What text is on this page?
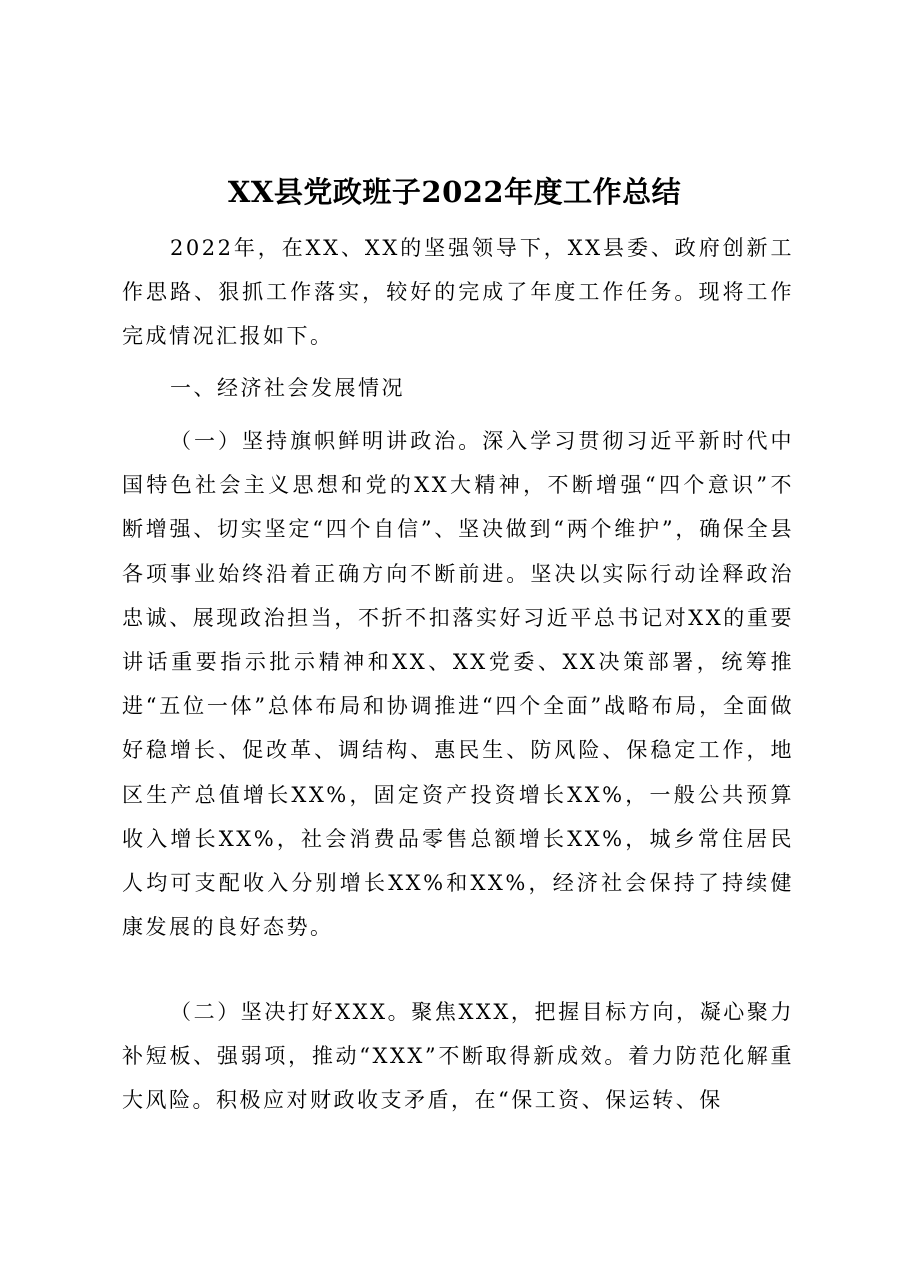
XX县党政班子2022年度工作总结

2022年，在XX、XX的坚强领导下，XX县委、政府创新工作思路、狠抓工作落实，较好的完成了年度工作任务。现将工作完成情况汇报如下。

一、经济社会发展情况

（一）坚持旗帜鲜明讲政治。深入学习贯彻习近平新时代中国特色社会主义思想和党的XX大精神，不断增强“四个意识”不断增强、切实坚定“四个自信”、坚决做到“两个维护”，确保全县各项事业始终沿着正确方向不断前进。坚决以实际行动诠释政治忠诚、展现政治担当，不折不扣落实好习近平总书记对XX的重要讲话重要指示批示精神和XX、XX党委、XX决策部署，统筹推进“五位一体”总体布局和协调推进“四个全面”战略布局，全面做好稳增长、促改革、调结构、惠民生、防风险、保稳定工作，地区生产总值增长XX%，固定资产投资增长XX%，一般公共预算收入增长XX%，社会消费品零售总额增长XX%，城乡常住居民人均可支配收入分别增长XX%和XX%，经济社会保持了持续健康发展的良好态势。

（二）坚决打好XXX。聚焦XXX，把握目标方向，凝心聚力补短板、强弱项，推动“XXX”不断取得新成效。着力防范化解重大风险。积极应对财政收支矛盾，在“保工资、保运转、保
